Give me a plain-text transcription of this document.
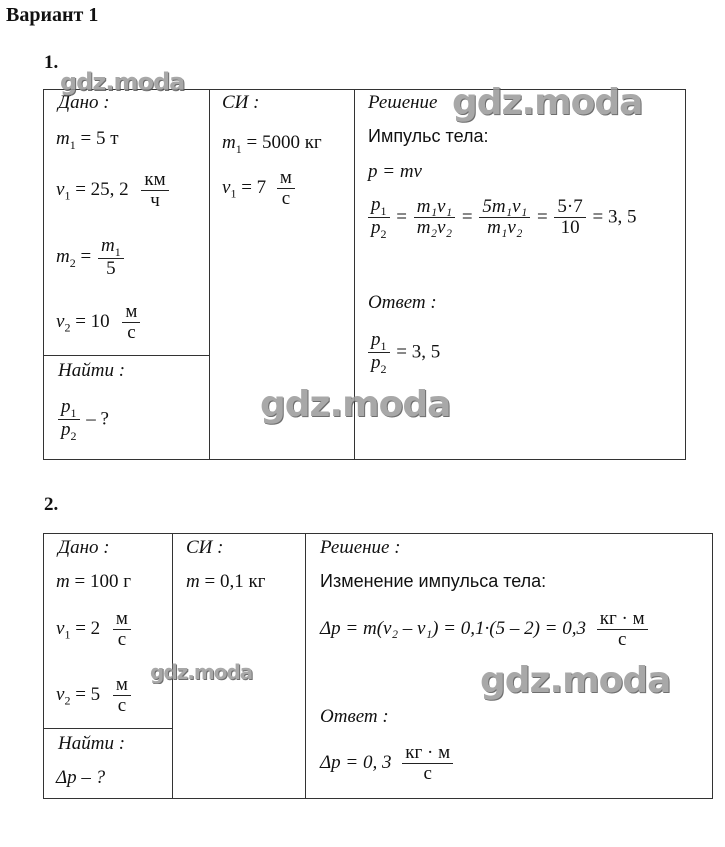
Вариант 1
1.
Дано :
$m_1 = 5$ т
$v_1 = 25$, $2 \frac{км}{ч}$
$m_2 = \frac{m_1}{5}$
$v_2 = 10 \frac{м}{с}$
Найти :
$\frac{p_1}{p_2}$ – ?
СИ :
$m_1 = 5000$ кг
$v_1 = 7 \frac{м}{с}$
Решение
Импульс тела:
p = mv
$\frac{p_1}{p_2} = \frac{\text{m₁v₁}}{\text{m₂v₂}} = \frac{\text{5m₁v₁}}{\text{m₁v₂}} = \frac{5\cdot 7}{10} = 3$, 5
Ответ :
$\frac{p_1}{p_2} = 3$, 5
2.
Дано :
m = 100 г
$v_1 = 2 \frac{м}{с}$
$v_2 = 5 \frac{м}{с}$
Найти :
Δp – ?
СИ :
m = 0,1 кг
Решение :
Изменение импульса тела:
$\Delta p = m(v_2 - v_1) = 0,1\cdot(5 - 2) = 0,3 \frac{кг \cdot м}{с}$
Ответ :
Δp = 0, $3 \frac{кг \cdot м}{с}$
gdz.moda	gdz.moda
gdz.moda
gdz.moda	gdz.moda
